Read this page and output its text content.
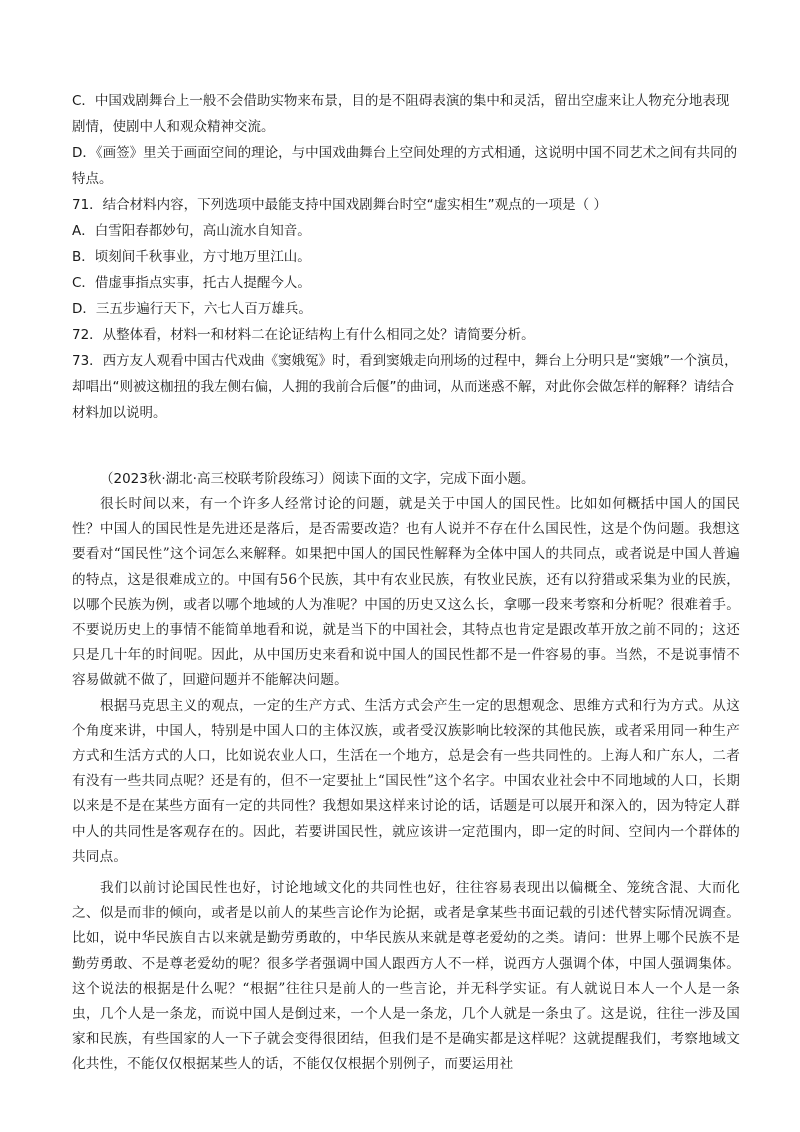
C．中国戏剧舞台上一般不会借助实物来布景，目的是不阻碍表演的集中和灵活，留出空虚来让人物充分地表现剧情，使剧中人和观众精神交流。

D．《画签》里关于画面空间的理论，与中国戏曲舞台上空间处理的方式相通，这说明中国不同艺术之间有共同的特点。

71．结合材料内容，下列选项中最能支持中国戏剧舞台时空“虚实相生”观点的一项是（ ）

A．白雪阳春都妙句，高山流水自知音。

B．顷刻间千秋事业，方寸地万里江山。

C．借虚事指点实事，托古人提醒今人。

D．三五步遍行天下，六七人百万雄兵。

72．从整体看，材料一和材料二在论证结构上有什么相同之处？请简要分析。

73．西方友人观看中国古代戏曲《窦娥冤》时，看到窦娥走向刑场的过程中，舞台上分明只是“窦娥”一个演员，却唱出“则被这枷扭的我左侧右偏，人拥的我前合后偃”的曲词，从而迷惑不解，对此你会做怎样的解释？请结合材料加以说明。

（2023秋·湖北·高三校联考阶段练习）阅读下面的文字，完成下面小题。

很长时间以来，有一个许多人经常讨论的问题，就是关于中国人的国民性。比如如何概括中国人的国民性？中国人的国民性是先进还是落后，是否需要改造？也有人说并不存在什么国民性，这是个伪问题。我想这要看对“国民性”这个词怎么来解释。如果把中国人的国民性解释为全体中国人的共同点，或者说是中国人普遍的特点，这是很难成立的。中国有56个民族，其中有农业民族，有牧业民族，还有以狩猎或采集为业的民族，以哪个民族为例，或者以哪个地域的人为准呢？中国的历史又这么长，拿哪一段来考察和分析呢？很难着手。不要说历史上的事情不能简单地看和说，就是当下的中国社会，其特点也肯定是跟改革开放之前不同的；这还只是几十年的时间呢。因此，从中国历史来看和说中国人的国民性都不是一件容易的事。当然，不是说事情不容易做就不做了，回避问题并不能解决问题。

根据马克思主义的观点，一定的生产方式、生活方式会产生一定的思想观念、思维方式和行为方式。从这个角度来讲，中国人，特别是中国人口的主体汉族，或者受汉族影响比较深的其他民族，或者采用同一种生产方式和生活方式的人口，比如说农业人口，生活在一个地方，总是会有一些共同性的。上海人和广东人，二者有没有一些共同点呢？还是有的，但不一定要扯上“国民性”这个名字。中国农业社会中不同地域的人口，长期以来是不是在某些方面有一定的共同性？我想如果这样来讨论的话，话题是可以展开和深入的，因为特定人群中人的共同性是客观存在的。因此，若要讲国民性，就应该讲一定范围内，即一定的时间、空间内一个群体的共同点。

我们以前讨论国民性也好，讨论地域文化的共同性也好，往往容易表现出以偏概全、笼统含混、大而化之、似是而非的倾向，或者是以前人的某些言论作为论据，或者是拿某些书面记载的引述代替实际情况调查。比如，说中华民族自古以来就是勤劳勇敢的，中华民族从来就是尊老爱幼的之类。请问：世界上哪个民族不是勤劳勇敢、不是尊老爱幼的呢？很多学者强调中国人跟西方人不一样，说西方人强调个体，中国人强调集体。这个说法的根据是什么呢？“根据”往往只是前人的一些言论，并无科学实证。有人就说日本人一个人是一条虫，几个人是一条龙，而说中国人是倒过来，一个人是一条龙，几个人就是一条虫了。这是说，往往一涉及国家和民族，有些国家的人一下子就会变得很团结，但我们是不是确实都是这样呢？这就提醒我们，考察地域文化共性，不能仅仅根据某些人的话，不能仅仅根据个别例子，而要运用社
